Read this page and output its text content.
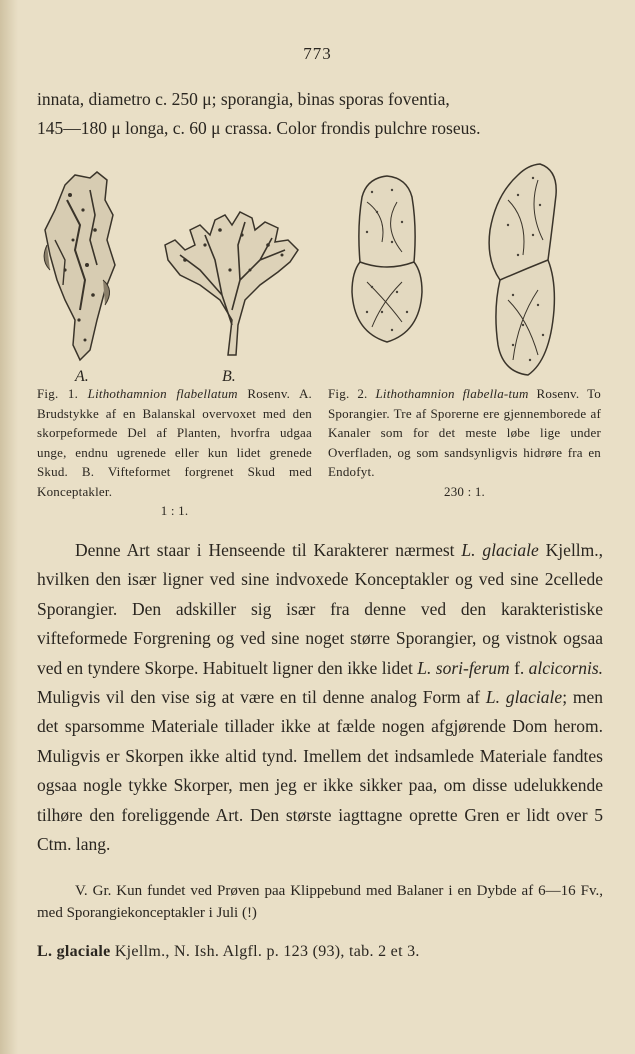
773
innata, diametro c. 250 μ; sporangia, binas sporas foventia,
145—180 μ longa, c. 60 μ crassa. Color frondis pulchre roseus.
A.	B.
Fig. 1. Lithothamnion flabellatum Rosenv. A. Brudstykke af en Balanskal overvoxet med den skorpeformede Del af Planten, hvorfra udgaa unge, endnu ugrenede eller kun lidet grenede Skud. B. Vifteformet forgrenet Skud med Konceptakler.
1 : 1.
Fig. 2. Lithothamnion flabella-tum Rosenv. To Sporangier. Tre af Sporerne ere gjennemborede af Kanaler som for det meste løbe lige under Overfladen, og som sandsynligvis hidrøre fra en Endofyt.
230 : 1.

Denne Art staar i Henseende til Karakterer nærmest L. glaciale Kjellm., hvilken den især ligner ved sine indvoxede Konceptakler og ved sine 2cellede Sporangier. Den adskiller sig især fra denne ved den karakteristiske vifteformede Forgrening og ved sine noget større Sporangier, og vistnok ogsaa ved en tyndere Skorpe. Habituelt ligner den ikke lidet L. sori-ferum f. alcicornis. Muligvis vil den vise sig at være en til denne analog Form af L. glaciale; men det sparsomme Materiale tillader ikke at fælde nogen afgjørende Dom herom. Muligvis er Skorpen ikke altid tynd. Imellem det indsamlede Materiale fandtes ogsaa nogle tykke Skorper, men jeg er ikke sikker paa, om disse udelukkende tilhøre den foreliggende Art. Den største iagttagne oprette Gren er lidt over 5 Ctm. lang.

V. Gr. Kun fundet ved Prøven paa Klippebund med Balaner i en Dybde af 6—16 Fv., med Sporangiekonceptakler i Juli (!)

L. glaciale Kjellm., N. Ish. Algfl. p. 123 (93), tab. 2 et 3.
